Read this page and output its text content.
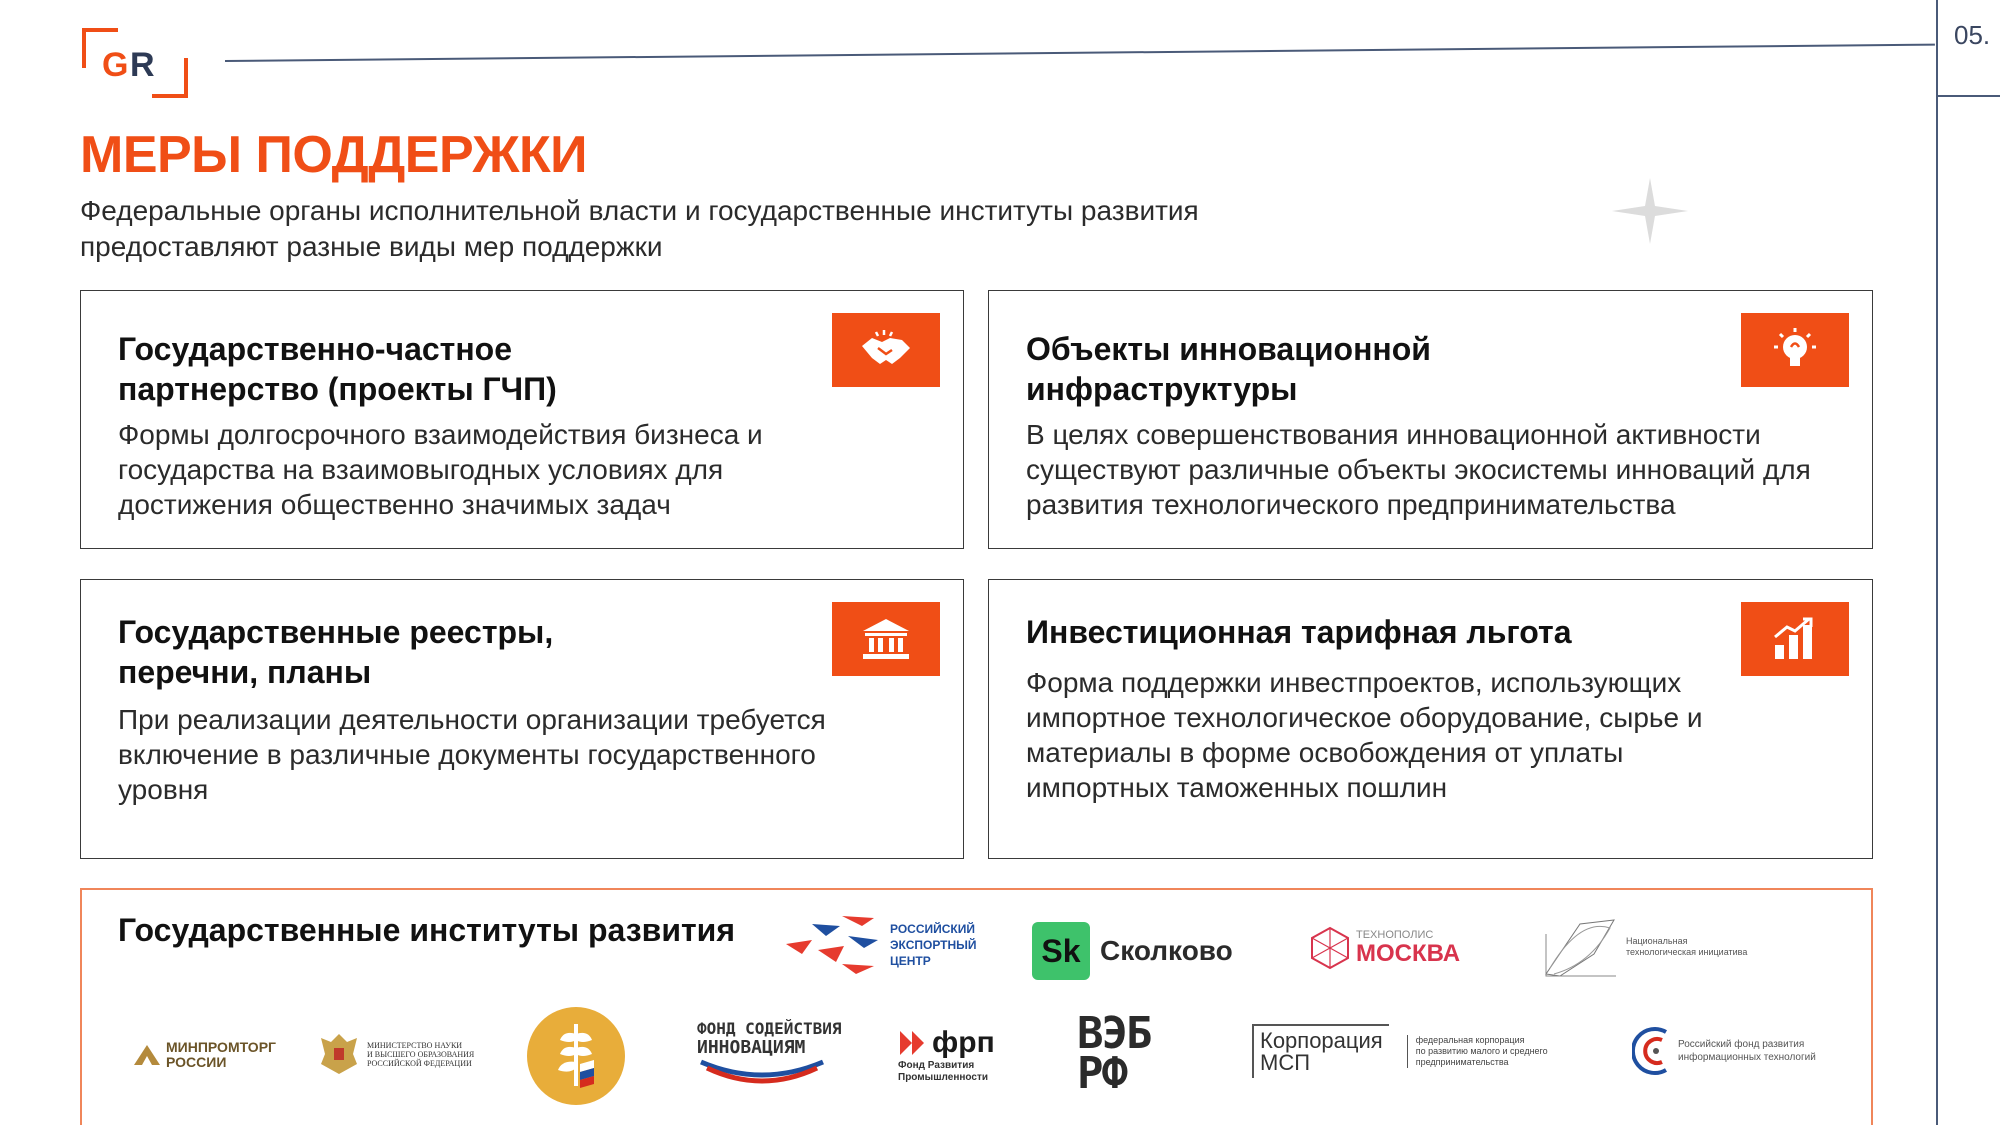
G R
05.
МЕРЫ ПОДДЕРЖКИ
Федеральные органы исполнительной власти и государственные институты развития предоставляют разные виды мер поддержки
Государственно-частное
партнерство (проекты ГЧП)
Формы долгосрочного взаимодействия бизнеса и государства на взаимовыгодных условиях для достижения общественно значимых задач
Объекты инновационной
инфраструктуры
В целях совершенствования инновационной активности существуют различные объекты экосистемы инноваций для развития технологического предпринимательства
Государственные реестры,
перечни, планы
При реализации деятельности организации требуется включение в различные документы государственного уровня
Инвестиционная тарифная льгота
Форма поддержки инвестпроектов, использующих импортное технологическое оборудование, сырье и материалы в форме освобождения от уплаты импортных таможенных пошлин
Государственные институты развития	РОССИЙСКИЙ
ЭКСПОРТНЫЙ
ЦЕНТР	Sk Сколково	ТЕХНОПОЛИС
МОСКВА	Национальная
технологическая инициатива
МИНПРОМТОРГ
РОССИИ
МИНИСТЕРСТВО НАУКИ
И ВЫСШЕГО ОБРАЗОВАНИЯ
РОССИЙСКОЙ ФЕДЕРАЦИИ
ФОНД СОДЕЙСТВИЯ
ИННОВАЦИЯМ	фрп
Фонд Развития
Промышленности
ВЭБ
РФ
Корпорация
МСП
федеральная корпорация
по развитию малого и среднего
предпринимательства
Российский фонд развития
информационных технологий
